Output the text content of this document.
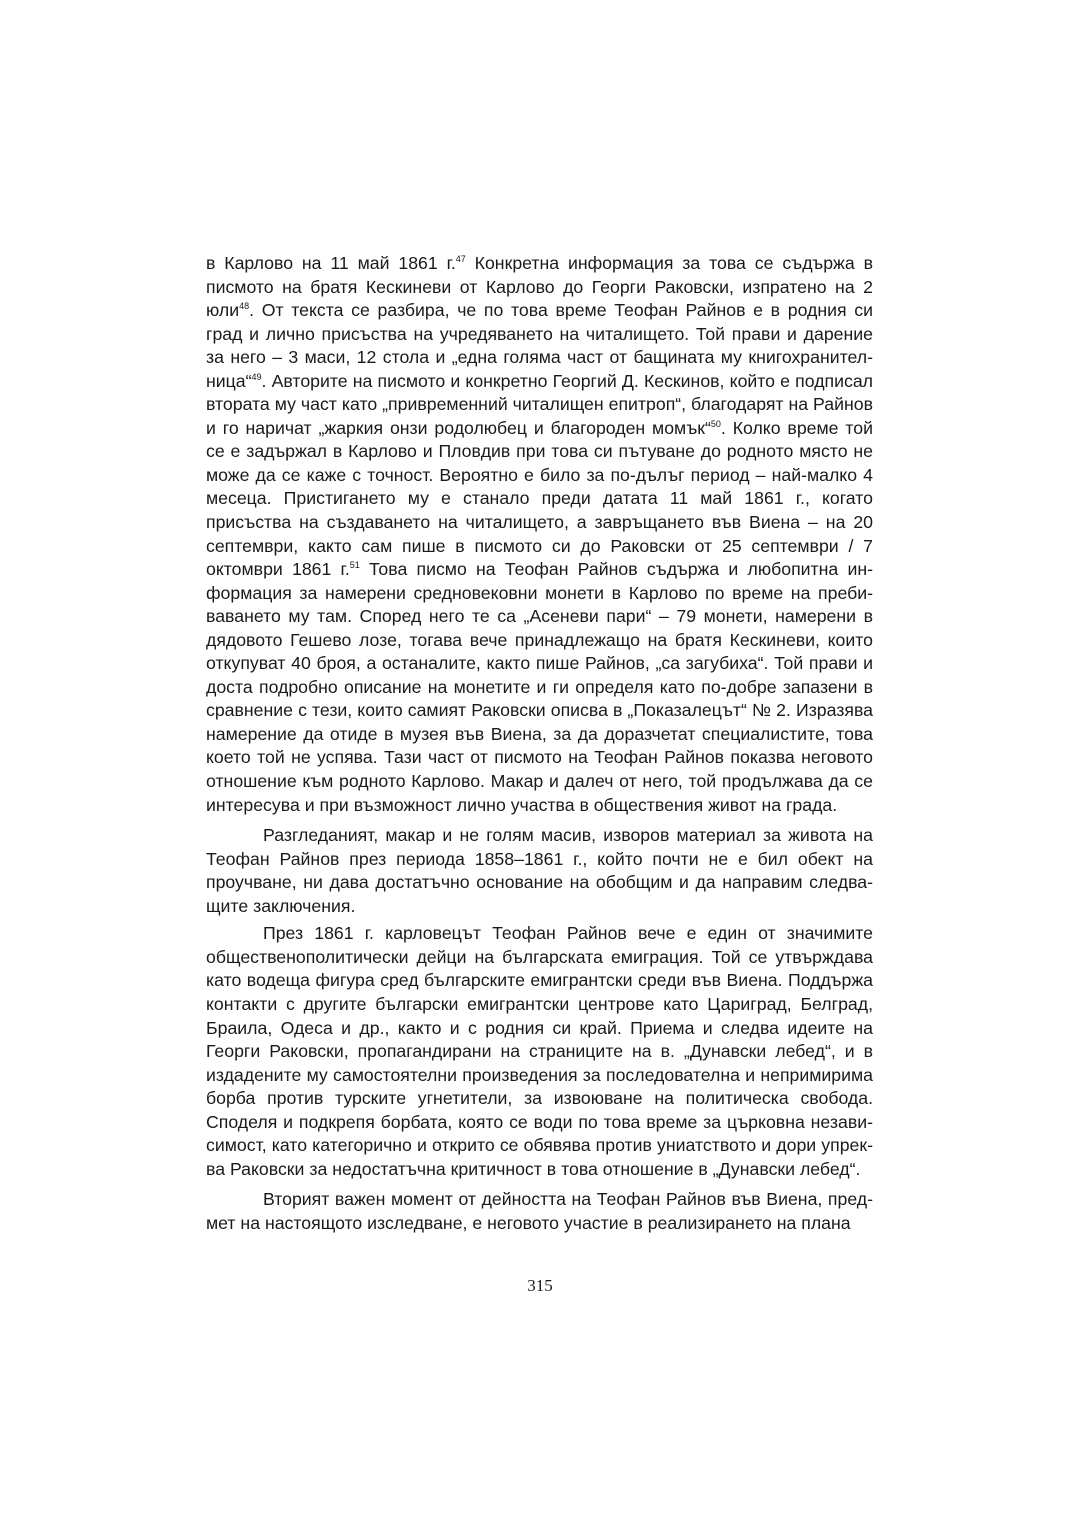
в Карлово на 11 май 1861 г.$^{47}$ Конкретна информация за това се съдържа в писмото на братя Кескиневи от Карлово до Георги Раковски, изпратено на 2 юли$^{48}$. От текста се разбира, че по това време Теофан Райнов е в родния си град и лично присъства на учредяването на читалището. Той прави и дарение за него – 3 маси, 12 стола и „една голяма част от бащината му книгохранителница“$^{49}$. Авторите на писмото и конкретно Георгий Д. Кескинов, който е подписал втората му част като „привременний читалищен епитроп“, благодарят на Райнов и го наричат „жаркия онзи родолюбец и благороден момък“$^{50}$. Колко време той се е задържал в Карлово и Пловдив при това си пътуване до родното място не може да се каже с точност. Вероятно е било за по-дълъг период – най-малко 4 месеца. Пристигането му е станало преди датата 11 май 1861 г., когато присъства на създаването на читалището, а завръщането във Виена – на 20 септември, както сам пише в писмото си до Раковски от 25 септември / 7 октомври 1861 г.$^{51}$ Това писмо на Теофан Райнов съдържа и любопитна информация за намерени средновековни монети в Карлово по време на пребиваването му там. Според него те са „Асеневи пари“ – 79 монети, намерени в дядовото Гешево лозе, тогава вече принадлежащо на братя Кескиневи, които откупуват 40 броя, а останалите, както пише Райнов, „са загубиха“. Той прави и доста подробно описание на монетите и ги определя като по-добре запазени в сравнение с тези, които самият Раковски описва в „Показалецът“ № 2. Изразява намерение да отиде в музея във Виена, за да доразчетат специалистите, това което той не успява. Тази част от писмото на Теофан Райнов показва неговото отношение към родното Карлово. Макар и далеч от него, той продължава да се интересува и при възможност лично участва в обществения живот на града.

Разгледаният, макар и не голям масив, изворов материал за живота на Теофан Райнов през периода 1858–1861 г., който почти не е бил обект на проучване, ни дава достатъчно основание на обобщим и да направим следващите заключения.

През 1861 г. карловецът Теофан Райнов вече е един от значимите общественополитически дейци на българската емиграция. Той се утвърждава като водеща фигура сред българските емигрантски среди във Виена. Поддържа контакти с другите български емигрантски центрове като Цариград, Белград, Браила, Одеса и др., както и с родния си край. Приема и следва идеите на Георги Раковски, пропагандирани на страниците на в. „Дунавски лебед“, и в издадените му самостоятелни произведения за последователна и непримирима борба против турските угнетители, за извоюване на политическа свобода. Споделя и подкрепя борбата, която се води по това време за църковна независимост, като категорично и открито се обявява против униатството и дори упреква Раковски за недостатъчна критичност в това отношение в „Дунавски лебед“.

Вторият важен момент от дейността на Теофан Райнов във Виена, предмет на настоящото изследване, е неговото участие в реализирането на плана

315
